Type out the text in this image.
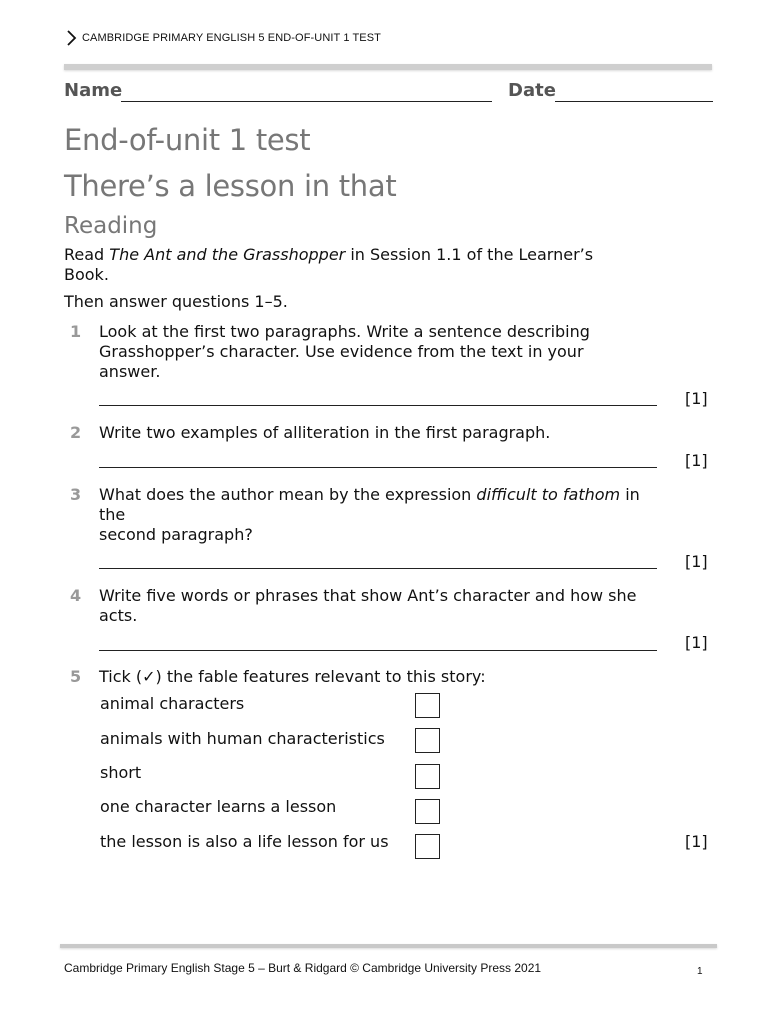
CAMBRIDGE PRIMARY ENGLISH 5 END-OF-UNIT 1 TEST
Name	Date
End-of-unit 1 test
There’s a lesson in that
Reading

Read The Ant and the Grasshopper in Session 1.1 of the Learner’s

Book.

Then answer questions 1–5.
1 Look at the first two paragraphs. Write a sentence describing
Grasshopper’s character. Use evidence from the text in your
answer.
[1]
2 Write two examples of alliteration in the first paragraph.
[1]
3 What does the author mean by the expression difficult to fathom in
the
second paragraph?
[1]
4 Write five words or phrases that show Ant’s character and how she
acts.
[1]
5 Tick (✓) the fable features relevant to this story:
animal characters
animals with human characteristics
short
one character learns a lesson
the lesson is also a life lesson for us	[1]
Cambridge Primary English Stage 5 – Burt & Ridgard © Cambridge University Press 2021	1
